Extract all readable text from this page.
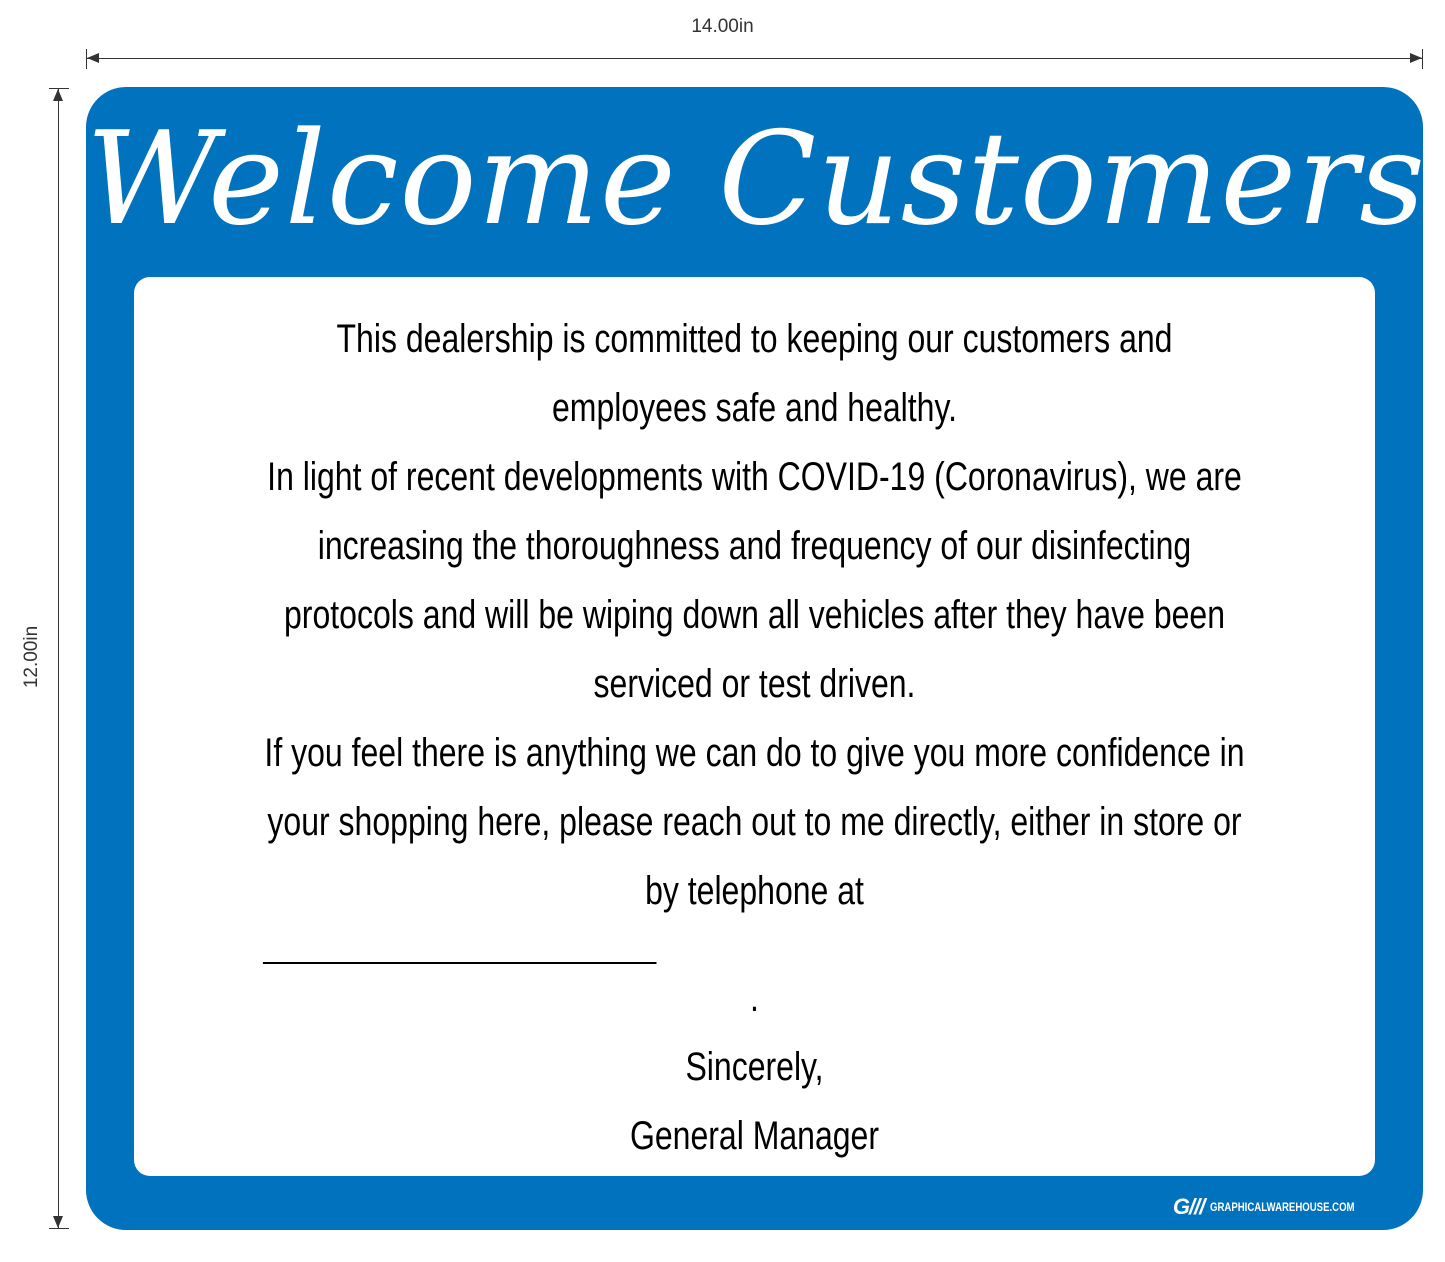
14.00in
12.00in
Welcome Customers
This dealership is committed to keeping our customers and
employees safe and healthy.
In light of recent developments with COVID-19 (Coronavirus), we are
increasing the thoroughness and frequency of our disinfecting
protocols and will be wiping down all vehicles after they have been
serviced or test driven.
If you feel there is anything we can do to give you more confidence in
your shopping here, please reach out to me directly, either in store or
by telephone at
.
Sincerely,
General Manager
G/// GRAPHICALWAREHOUSE.COM
